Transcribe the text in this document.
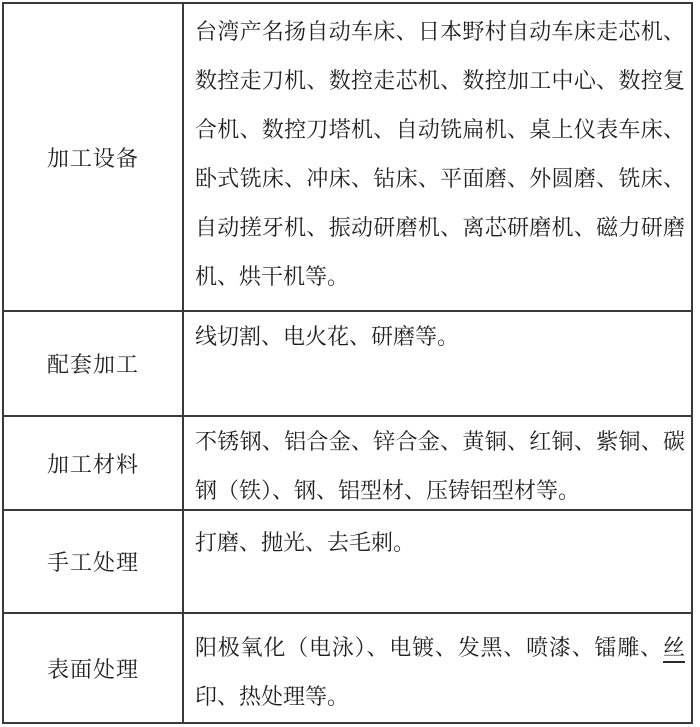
加工设备
台湾产名扬自动车床、日本野村自动车床走芯机、数控走刀机、数控走芯机、数控加工中心、数控复合机、数控刀塔机、自动铣扁机、桌上仪表车床、卧式铣床、冲床、钻床、平面磨、外圆磨、铣床、自动搓牙机、振动研磨机、离芯研磨机、磁力研磨机、烘干机等。
配套加工
线切割、电火花、研磨等。
加工材料
不锈钢、铝合金、锌合金、黄铜、红铜、紫铜、碳钢（铁）、钢、铝型材、压铸铝型材等。
手工处理
打磨、抛光、去毛刺。
表面处理
阳极氧化（电泳）、电镀、发黑、喷漆、镭雕、丝印、热处理等。
